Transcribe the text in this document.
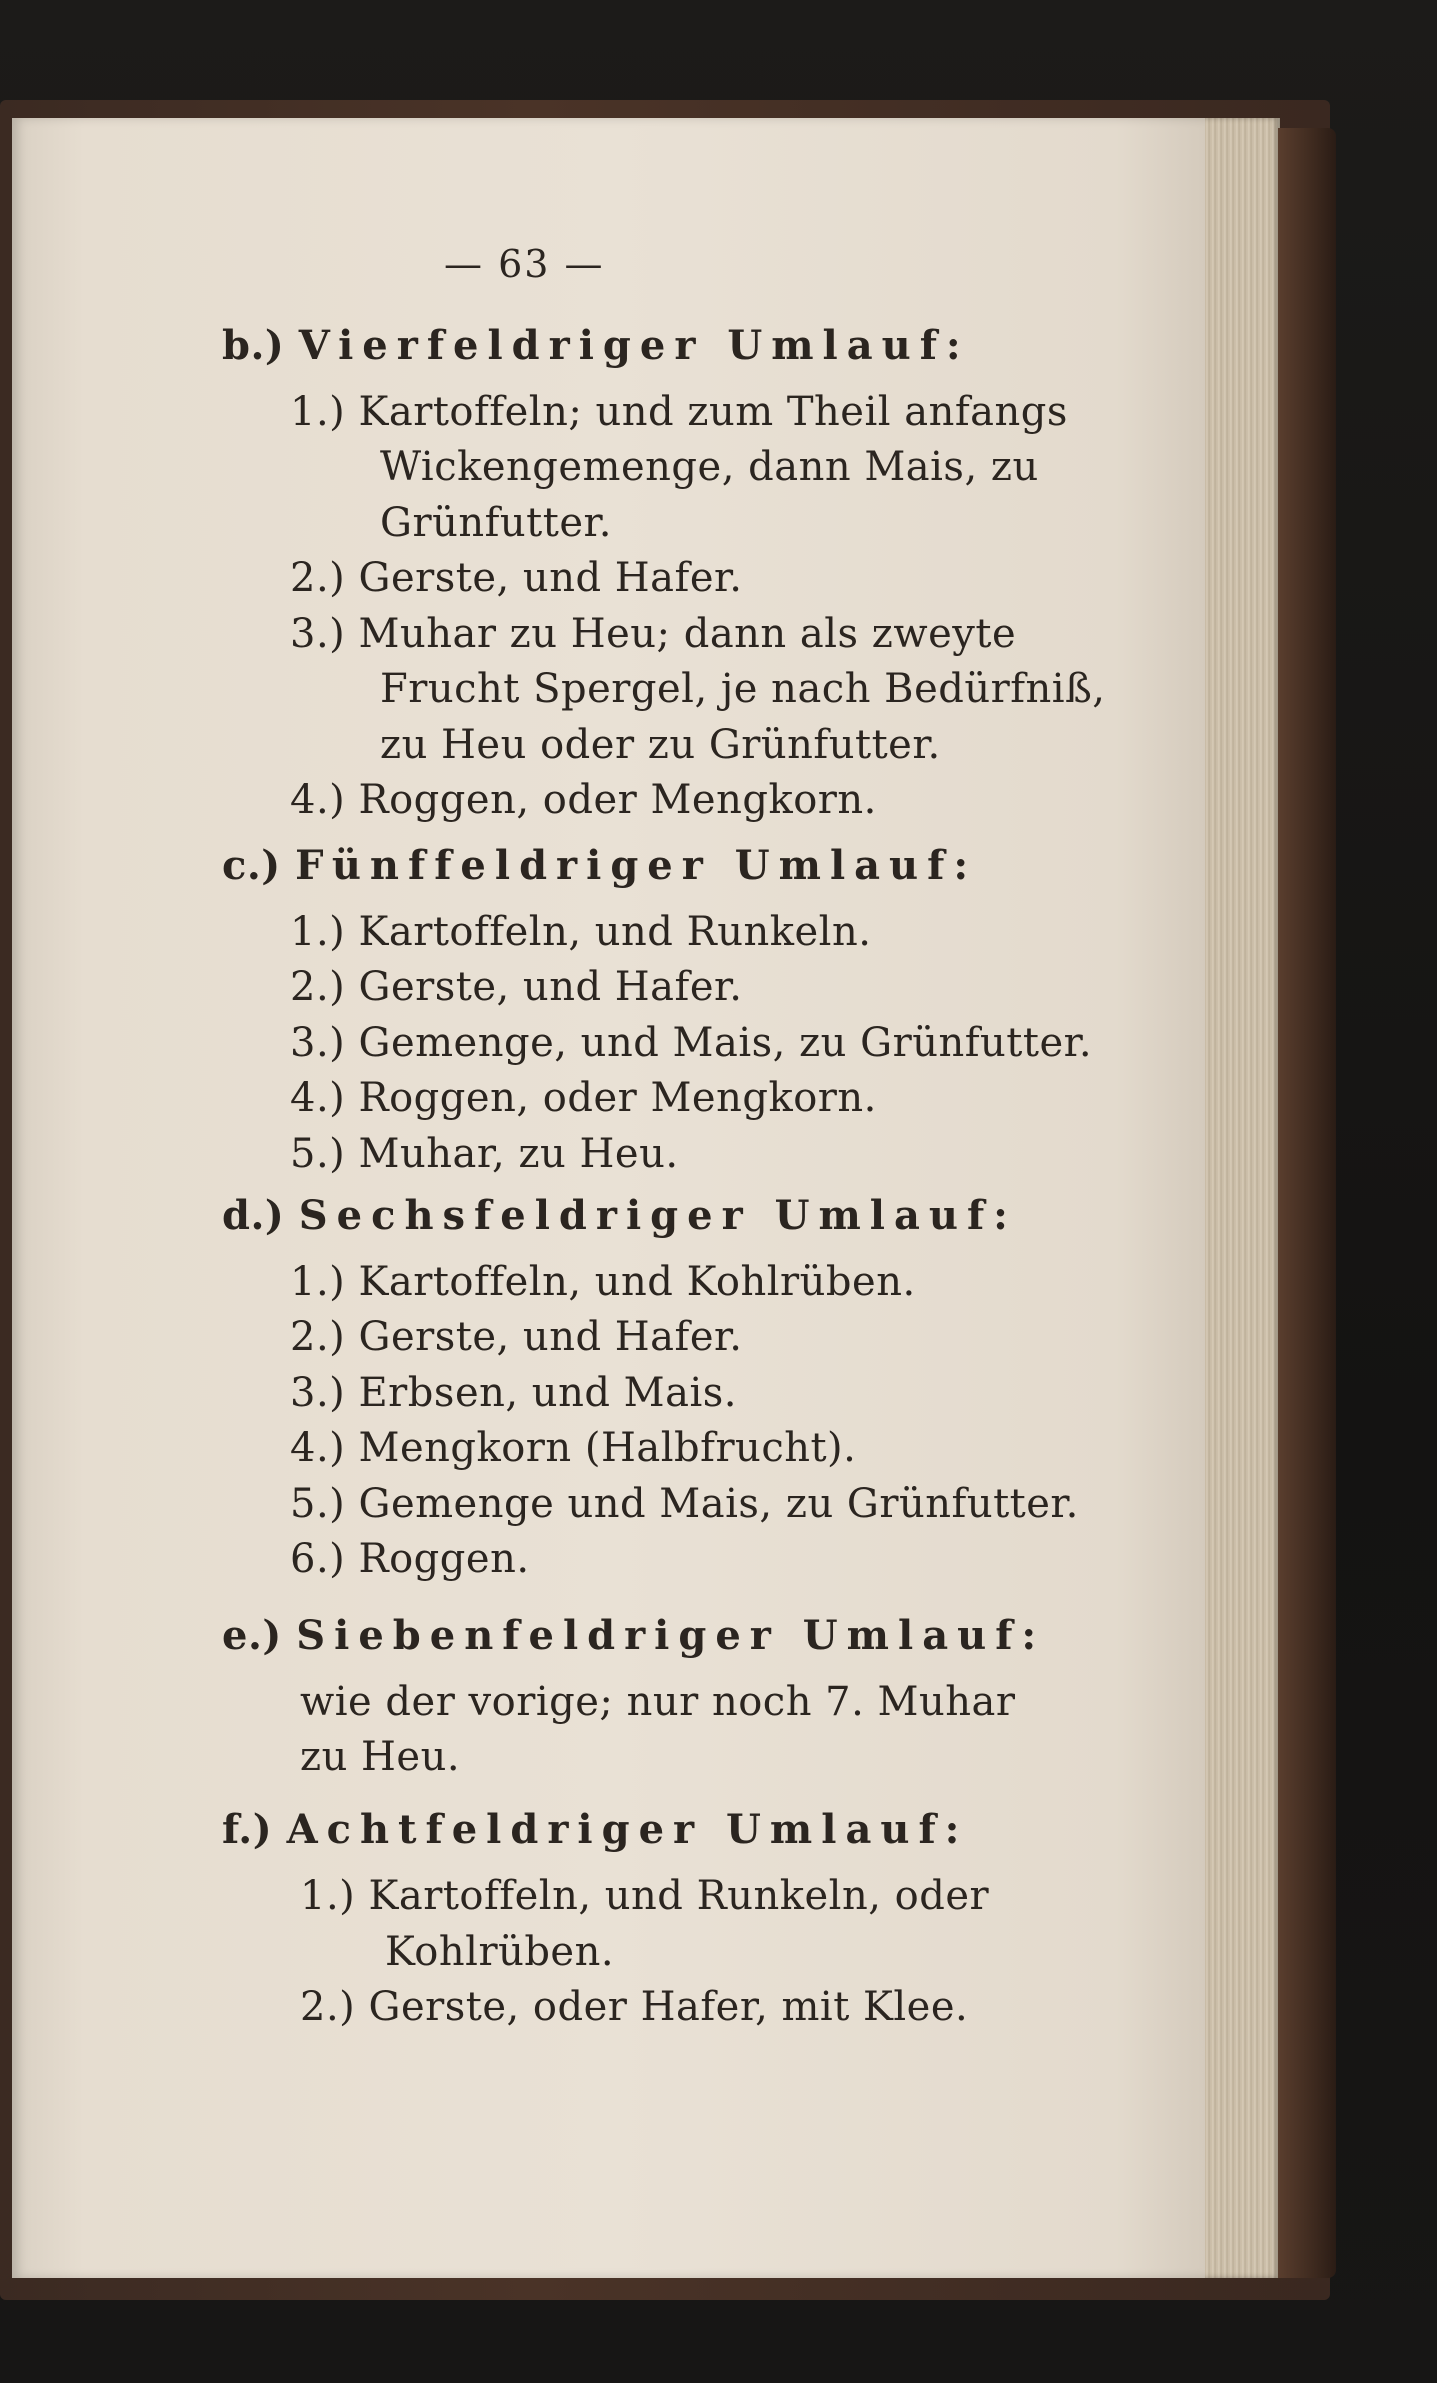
— 63 —
b.) Vierfeldriger Umlauf:
1.) Kartoffeln; und zum Theil anfangs
Wickengemenge, dann Mais, zu
Grünfutter.
2.) Gerste, und Hafer.
3.) Muhar zu Heu; dann als zweyte
Frucht Spergel, je nach Bedürfniß,
zu Heu oder zu Grünfutter.
4.) Roggen, oder Mengkorn.
c.) Fünffeldriger Umlauf:
1.) Kartoffeln, und Runkeln.
2.) Gerste, und Hafer.
3.) Gemenge, und Mais, zu Grünfutter.
4.) Roggen, oder Mengkorn.
5.) Muhar, zu Heu.
d.) Sechsfeldriger Umlauf:
1.) Kartoffeln, und Kohlrüben.
2.) Gerste, und Hafer.
3.) Erbsen, und Mais.
4.) Mengkorn (Halbfrucht).
5.) Gemenge und Mais, zu Grünfutter.
6.) Roggen.
e.) Siebenfeldriger Umlauf:
wie der vorige; nur noch 7. Muhar
zu Heu.
f.) Achtfeldriger Umlauf:
1.) Kartoffeln, und Runkeln, oder
Kohlrüben.
2.) Gerste, oder Hafer, mit Klee.
